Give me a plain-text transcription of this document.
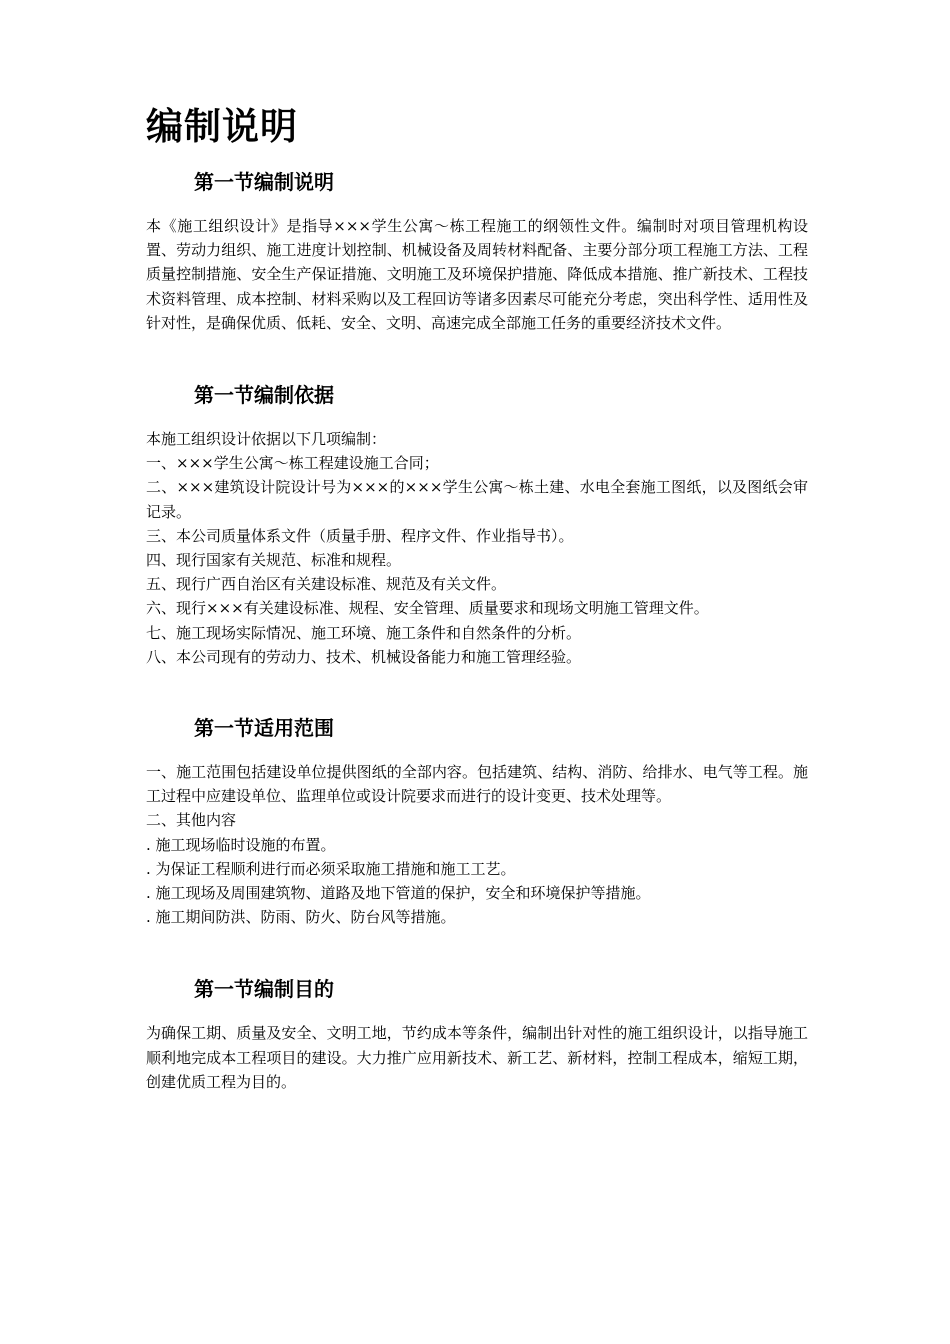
编制说明
第一节编制说明

本《施工组织设计》是指导×××学生公寓～栋工程施工的纲领性文件。编制时对项目管理机构设置、劳动力组织、施工进度计划控制、机械设备及周转材料配备、主要分部分项工程施工方法、工程质量控制措施、安全生产保证措施、文明施工及环境保护措施、降低成本措施、推广新技术、工程技术资料管理、成本控制、材料采购以及工程回访等诸多因素尽可能充分考虑，突出科学性、适用性及针对性，是确保优质、低耗、安全、文明、高速完成全部施工任务的重要经济技术文件。

第一节编制依据

本施工组织设计依据以下几项编制：

一、×××学生公寓～栋工程建设施工合同；

二、×××建筑设计院设计号为×××的×××学生公寓～栋土建、水电全套施工图纸，以及图纸会审记录。

三、本公司质量体系文件（质量手册、程序文件、作业指导书）。

四、现行国家有关规范、标准和规程。

五、现行广西自治区有关建设标准、规范及有关文件。

六、现行×××有关建设标准、规程、安全管理、质量要求和现场文明施工管理文件。

七、施工现场实际情况、施工环境、施工条件和自然条件的分析。

八、本公司现有的劳动力、技术、机械设备能力和施工管理经验。

第一节适用范围

一、施工范围包括建设单位提供图纸的全部内容。包括建筑、结构、消防、给排水、电气等工程。施工过程中应建设单位、监理单位或设计院要求而进行的设计变更、技术处理等。

二、其他内容

. 施工现场临时设施的布置。

. 为保证工程顺利进行而必须采取施工措施和施工工艺。

. 施工现场及周围建筑物、道路及地下管道的保护，安全和环境保护等措施。

. 施工期间防洪、防雨、防火、防台风等措施。

第一节编制目的

为确保工期、质量及安全、文明工地，节约成本等条件，编制出针对性的施工组织设计，以指导施工顺利地完成本工程项目的建设。大力推广应用新技术、新工艺、新材料，控制工程成本，缩短工期，创建优质工程为目的。
